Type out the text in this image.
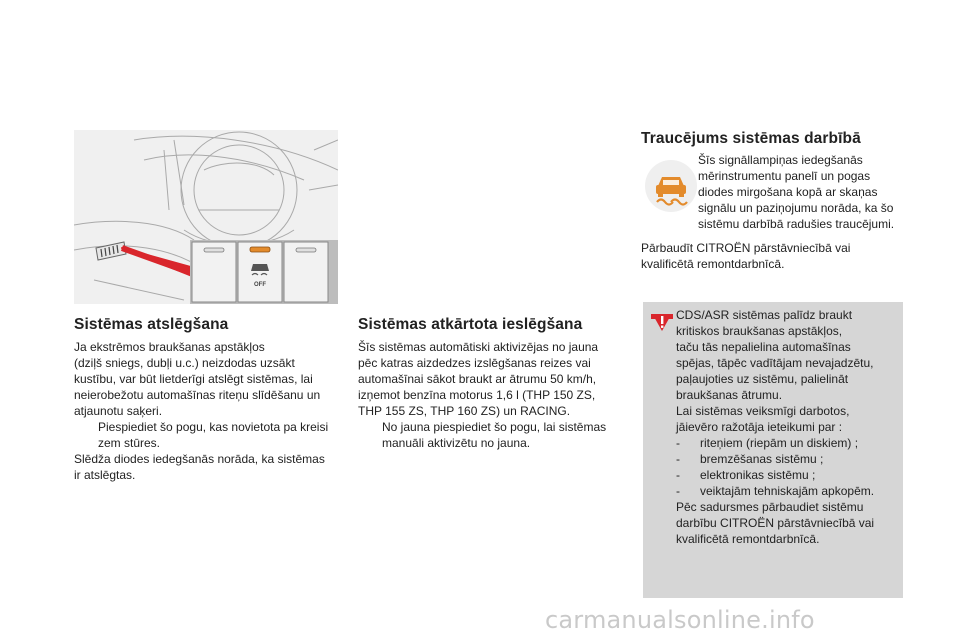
OFF
Sistēmas atslēgšana

Ja ekstrēmos braukšanas apstākļos

(dziļš sniegs, dubļi u.c.) neizdodas uzsākt

kustību, var būt lietderīgi atslēgt sistēmas, lai

neierobežotu automašīnas riteņu slīdēšanu un

atjaunotu saķeri.

Piespiediet šo pogu, kas novietota pa kreisi

zem stūres.

Slēdža diodes iedegšanās norāda, ka sistēmas

ir atslēgtas.

Sistēmas atkārtota ieslēgšana

Šīs sistēmas automātiski aktivizējas no jauna

pēc katras aizdedzes izslēgšanas reizes vai

automašīnai sākot braukt ar ātrumu 50 km/h,

izņemot benzīna motorus 1,6 l (THP 150 ZS,

THP 155 ZS, THP 160 ZS) un RACING.

No jauna piespiediet šo pogu, lai sistēmas

manuāli aktivizētu no jauna.

Traucējums sistēmas darbībā

Šīs signāllampiņas iedegšanās

mērinstrumentu panelī un pogas

diodes mirgošana kopā ar skaņas

signālu un paziņojumu norāda, ka šo

sistēmu darbībā radušies traucējumi.

Pārbaudīt CITROËN pārstāvniecībā vai

kvalificētā remontdarbnīcā.

CDS/ASR sistēmas palīdz braukt

kritiskos braukšanas apstākļos,

taču tās nepalielina automašīnas

spējas, tāpēc vadītājam nevajadzētu,

paļaujoties uz sistēmu, palielināt

braukšanas ātrumu.

Lai sistēmas veiksmīgi darbotos,

jāievēro ražotāja ieteikumi par :

-	riteņiem (riepām un diskiem) ;
-	bremzēšanas sistēmu ;
-	elektronikas sistēmu ;
-	veiktajām tehniskajām apkopēm.

Pēc sadursmes pārbaudiet sistēmu

darbību CITROËN pārstāvniecībā vai

kvalificētā remontdarbnīcā.

carmanualsonline.info
